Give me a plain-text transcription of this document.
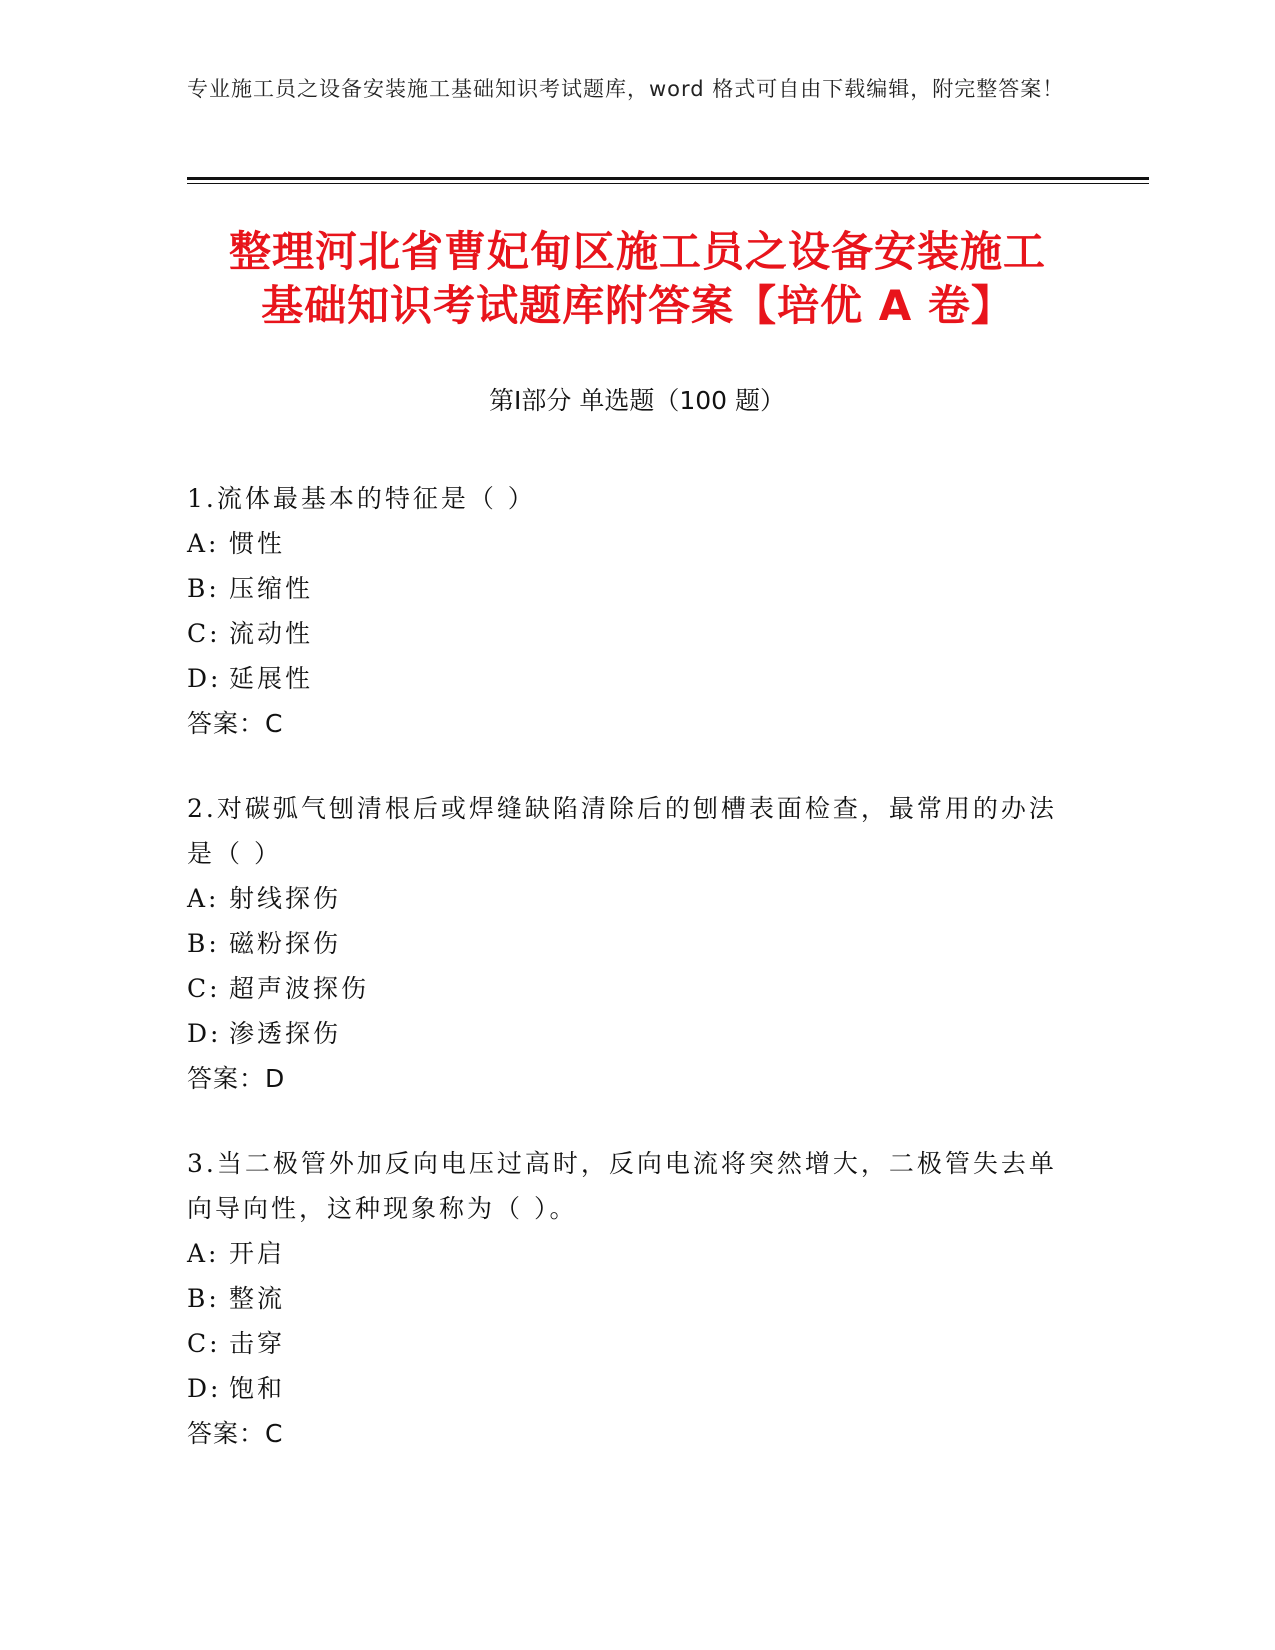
专业施工员之设备安装施工基础知识考试题库，word 格式可自由下载编辑，附完整答案！
整理河北省曹妃甸区施工员之设备安装施工
基础知识考试题库附答案【培优 A 卷】
第Ⅰ部分 单选题（100 题）
1.流体最基本的特征是（ ）
A: 惯性
B: 压缩性
C: 流动性
D: 延展性
答案：C
2.对碳弧气刨清根后或焊缝缺陷清除后的刨槽表面检查，最常用的办法是（ ）
A: 射线探伤
B: 磁粉探伤
C: 超声波探伤
D: 渗透探伤
答案：D
3.当二极管外加反向电压过高时，反向电流将突然增大，二极管失去单向导向性，这种现象称为（ ）。
A: 开启
B: 整流
C: 击穿
D: 饱和
答案：C
